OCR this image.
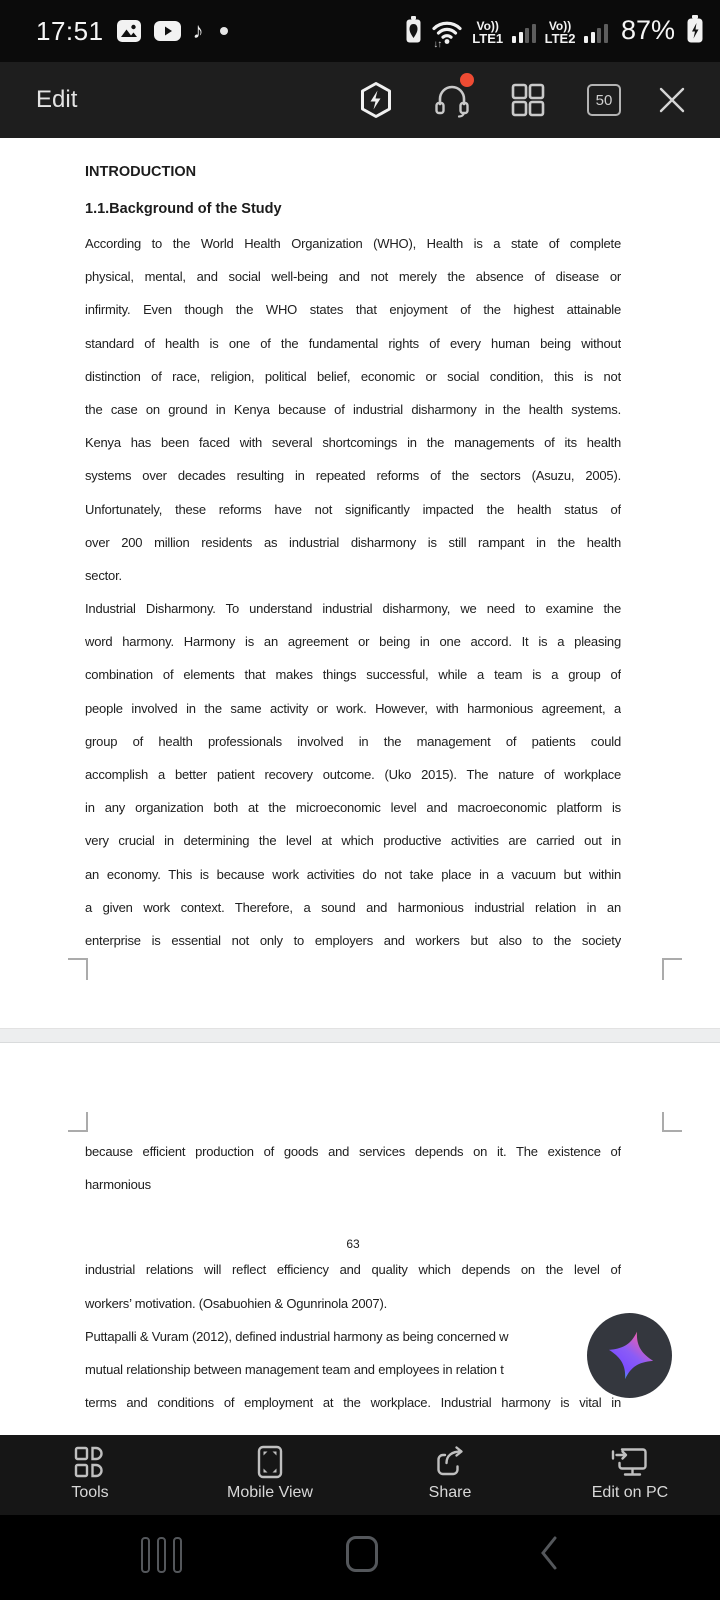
17:51	♪
↓↑
Vo))
LTE1
Vo))
LTE2 87%
Edit	50
INTRODUCTION
1.1.Background of the Study
According to the World Health Organization (WHO), Health is a state of complete
physical, mental, and social well-being and not merely the absence of disease or
infirmity. Even though the WHO states that enjoyment of the highest attainable
standard of health is one of the fundamental rights of every human being without
distinction of race, religion, political belief, economic or social condition, this is not
the case on ground in Kenya because of industrial disharmony in the health systems.
Kenya has been faced with several shortcomings in the managements of its health
systems over decades resulting in repeated reforms of the sectors (Asuzu, 2005).
Unfortunately, these reforms have not significantly impacted the health status of
over 200 million residents as industrial disharmony is still rampant in the health
sector.
Industrial Disharmony. To understand industrial disharmony, we need to examine the
word harmony. Harmony is an agreement or being in one accord. It is a pleasing
combination of elements that makes things successful, while a team is a group of
people involved in the same activity or work. However, with harmonious agreement, a
group of health professionals involved in the management of patients could
accomplish a better patient recovery outcome. (Uko 2015). The nature of workplace
in any organization both at the microeconomic level and macroeconomic platform is
very crucial in determining the level at which productive activities are carried out in
an economy. This is because work activities do not take place in a vacuum but within
a given work context. Therefore, a sound and harmonious industrial relation in an
enterprise is essential not only to employers and workers but also to the society
because efficient production of goods and services depends on it. The existence of
harmonious
63
industrial relations will reflect efficiency and quality which depends on the level of
workers’ motivation. (Osabuohien & Ogunrinola 2007).
Puttapalli & Vuram (2012), defined industrial harmony as being concerned w
mutual relationship between management team and employees in relation t
terms and conditions of employment at the workplace. Industrial harmony is vital in
Tools	Mobile View	Share	Edit on PC
